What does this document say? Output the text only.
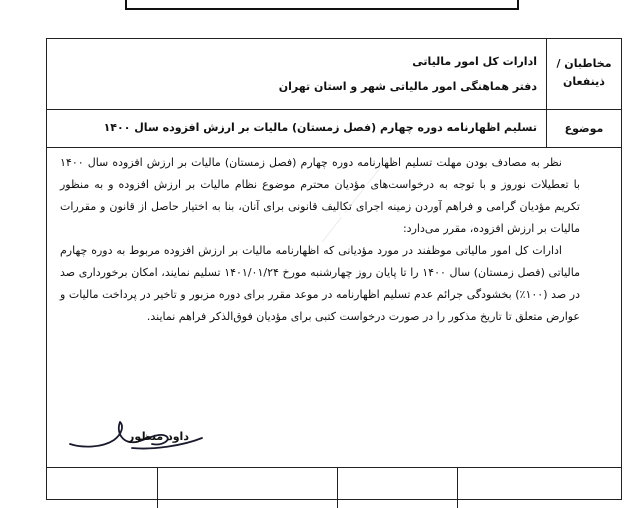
مخاطبان /
ذینفعان
ادارات کل امور مالیاتی
دفتر هماهنگی امور مالیاتی شهر و استان تهران
موضوع
تسلیم اظهارنامه دوره چهارم (فصل زمستان) مالیات بر ارزش افزوده سال ۱۴۰۰
⸻ ⸻ ⸻

نظر به مصادف بودن مهلت تسلیم اظهارنامه دوره چهارم (فصل زمستان) مالیات بر ارزش افزوده سال ۱۴۰۰ با تعطیلات نوروز و با توجه به درخواست‌های مؤدیان محترم موضوع نظام مالیات بر ارزش افزوده و به منظور تکریم مؤدیان گرامی و فراهم آوردن زمینه اجرای تکالیف قانونی برای آنان، بنا به اختیار حاصل از قانون و مقررات مالیات بر ارزش افزوده، مقرر می‌دارد:

ادارات کل امور مالیاتی موظفند در مورد مؤدیانی که اظهارنامه مالیات بر ارزش افزوده مربوط به دوره چهارم مالیاتی (فصل زمستان) سال ۱۴۰۰ را تا پایان روز چهارشنبه مورخ ۱۴۰۱/۰۱/۲۴ تسلیم نمایند، امکان برخورداری صد در صد (۱۰۰٪) بخشودگی جرائم عدم تسلیم اظهارنامه در موعد مقرر برای دوره مزبور و تاخیر در پرداخت مالیات و عوارض متعلق تا تاریخ مذکور را در صورت درخواست کتبی برای مؤدیان فوق‌الذکر فراهم نمایند.

داود منظور
